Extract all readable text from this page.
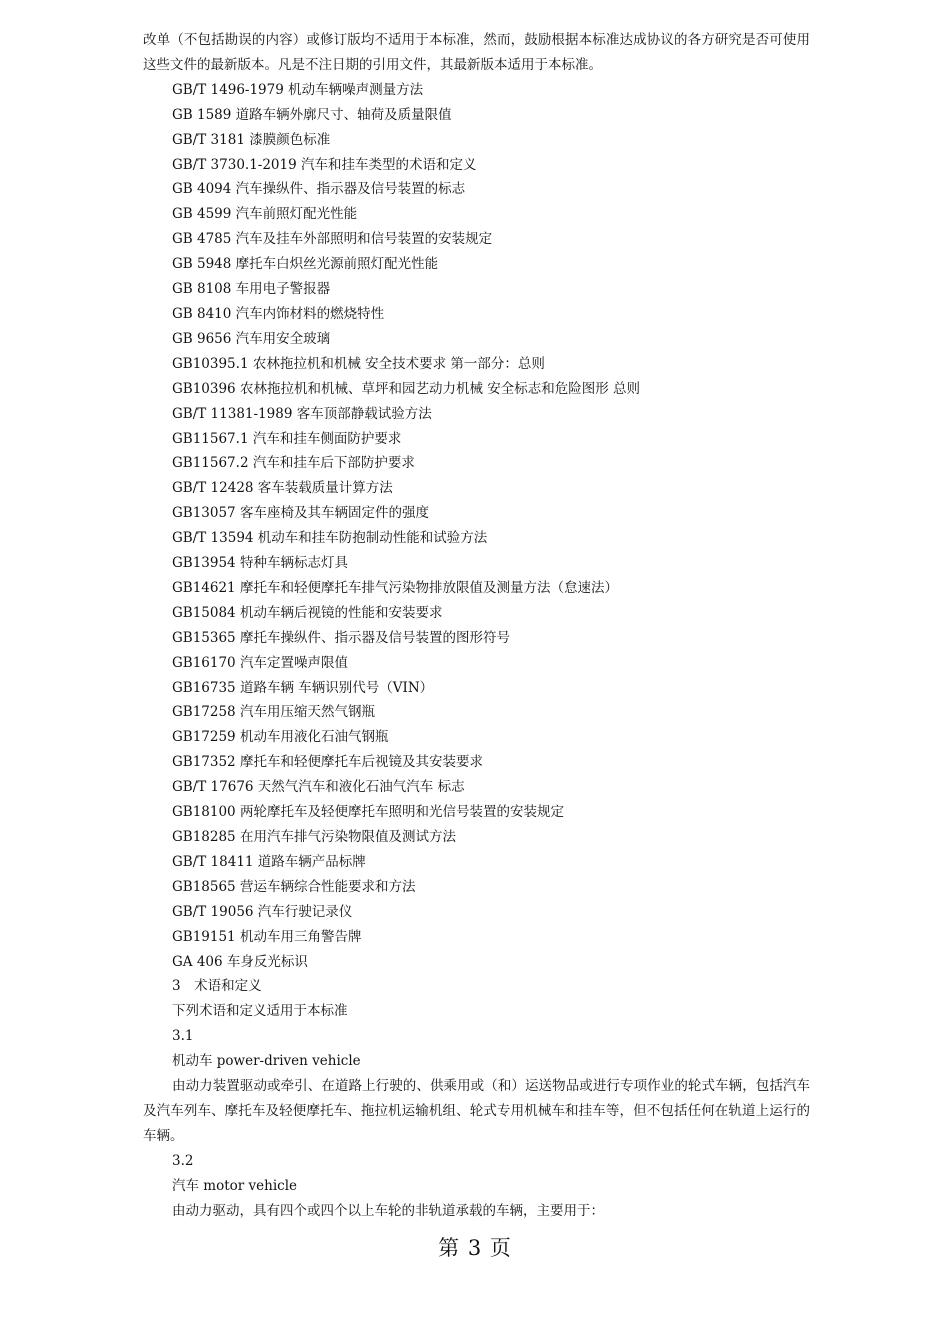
改单（不包括勘误的内容）或修订版均不适用于本标准，然而，鼓励根据本标准达成协议的各方研究是否可使用这些文件的最新版本。凡是不注日期的引用文件，其最新版本适用于本标准。

GB/T 1496-1979 机动车辆噪声测量方法
GB 1589 道路车辆外廓尺寸、轴荷及质量限值
GB/T 3181 漆膜颜色标准
GB/T 3730.1-2019 汽车和挂车类型的术语和定义
GB 4094 汽车操纵件、指示器及信号装置的标志
GB 4599 汽车前照灯配光性能
GB 4785 汽车及挂车外部照明和信号装置的安装规定
GB 5948 摩托车白炽丝光源前照灯配光性能
GB 8108 车用电子警报器
GB 8410 汽车内饰材料的燃烧特性
GB 9656 汽车用安全玻璃
GB10395.1 农林拖拉机和机械 安全技术要求 第一部分：总则
GB10396 农林拖拉机和机械、草坪和园艺动力机械 安全标志和危险图形 总则
GB/T 11381-1989 客车顶部静载试验方法
GB11567.1 汽车和挂车侧面防护要求
GB11567.2 汽车和挂车后下部防护要求
GB/T 12428 客车装载质量计算方法
GB13057 客车座椅及其车辆固定件的强度
GB/T 13594 机动车和挂车防抱制动性能和试验方法
GB13954 特种车辆标志灯具
GB14621 摩托车和轻便摩托车排气污染物排放限值及测量方法（怠速法）
GB15084 机动车辆后视镜的性能和安装要求
GB15365 摩托车操纵件、指示器及信号装置的图形符号
GB16170 汽车定置噪声限值
GB16735 道路车辆 车辆识别代号（VIN）
GB17258 汽车用压缩天然气钢瓶
GB17259 机动车用液化石油气钢瓶
GB17352 摩托车和轻便摩托车后视镜及其安装要求
GB/T 17676 天然气汽车和液化石油气汽车 标志
GB18100 两轮摩托车及轻便摩托车照明和光信号装置的安装规定
GB18285 在用汽车排气污染物限值及测试方法
GB/T 18411 道路车辆产品标牌
GB18565 营运车辆综合性能要求和方法
GB/T 19056 汽车行驶记录仪
GB19151 机动车用三角警告牌
GA 406 车身反光标识
3　术语和定义
下列术语和定义适用于本标准
3.1
机动车 power-driven vehicle

由动力装置驱动或牵引、在道路上行驶的、供乘用或（和）运送物品或进行专项作业的轮式车辆，包括汽车及汽车列车、摩托车及轻便摩托车、拖拉机运输机组、轮式专用机械车和挂车等，但不包括任何在轨道上运行的车辆。

3.2
汽车 motor vehicle

由动力驱动，具有四个或四个以上车轮的非轨道承载的车辆，主要用于：

第 3 页
